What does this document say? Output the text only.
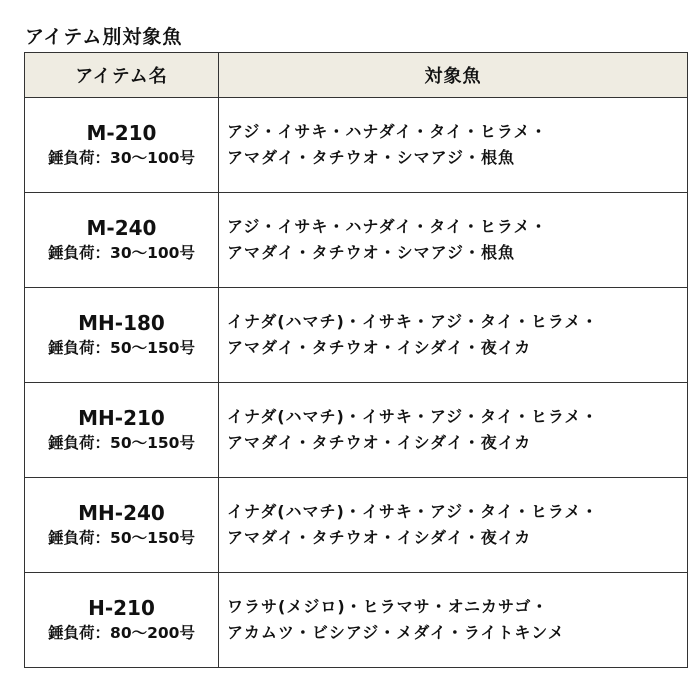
アイテム別対象魚
アイテム名	対象魚

M-210
錘負荷：30〜100号	アジ・イサキ・ハナダイ・タイ・ヒラメ・
アマダイ・タチウオ・シマアジ・根魚

M-240
錘負荷：30〜100号	アジ・イサキ・ハナダイ・タイ・ヒラメ・
アマダイ・タチウオ・シマアジ・根魚

MH-180
錘負荷：50〜150号	イナダ(ハマチ)・イサキ・アジ・タイ・ヒラメ・
アマダイ・タチウオ・イシダイ・夜イカ

MH-210
錘負荷：50〜150号	イナダ(ハマチ)・イサキ・アジ・タイ・ヒラメ・
アマダイ・タチウオ・イシダイ・夜イカ

MH-240
錘負荷：50〜150号	イナダ(ハマチ)・イサキ・アジ・タイ・ヒラメ・
アマダイ・タチウオ・イシダイ・夜イカ

H-210
錘負荷：80〜200号	ワラサ(メジロ)・ヒラマサ・オニカサゴ・
アカムツ・ビシアジ・メダイ・ライトキンメ
